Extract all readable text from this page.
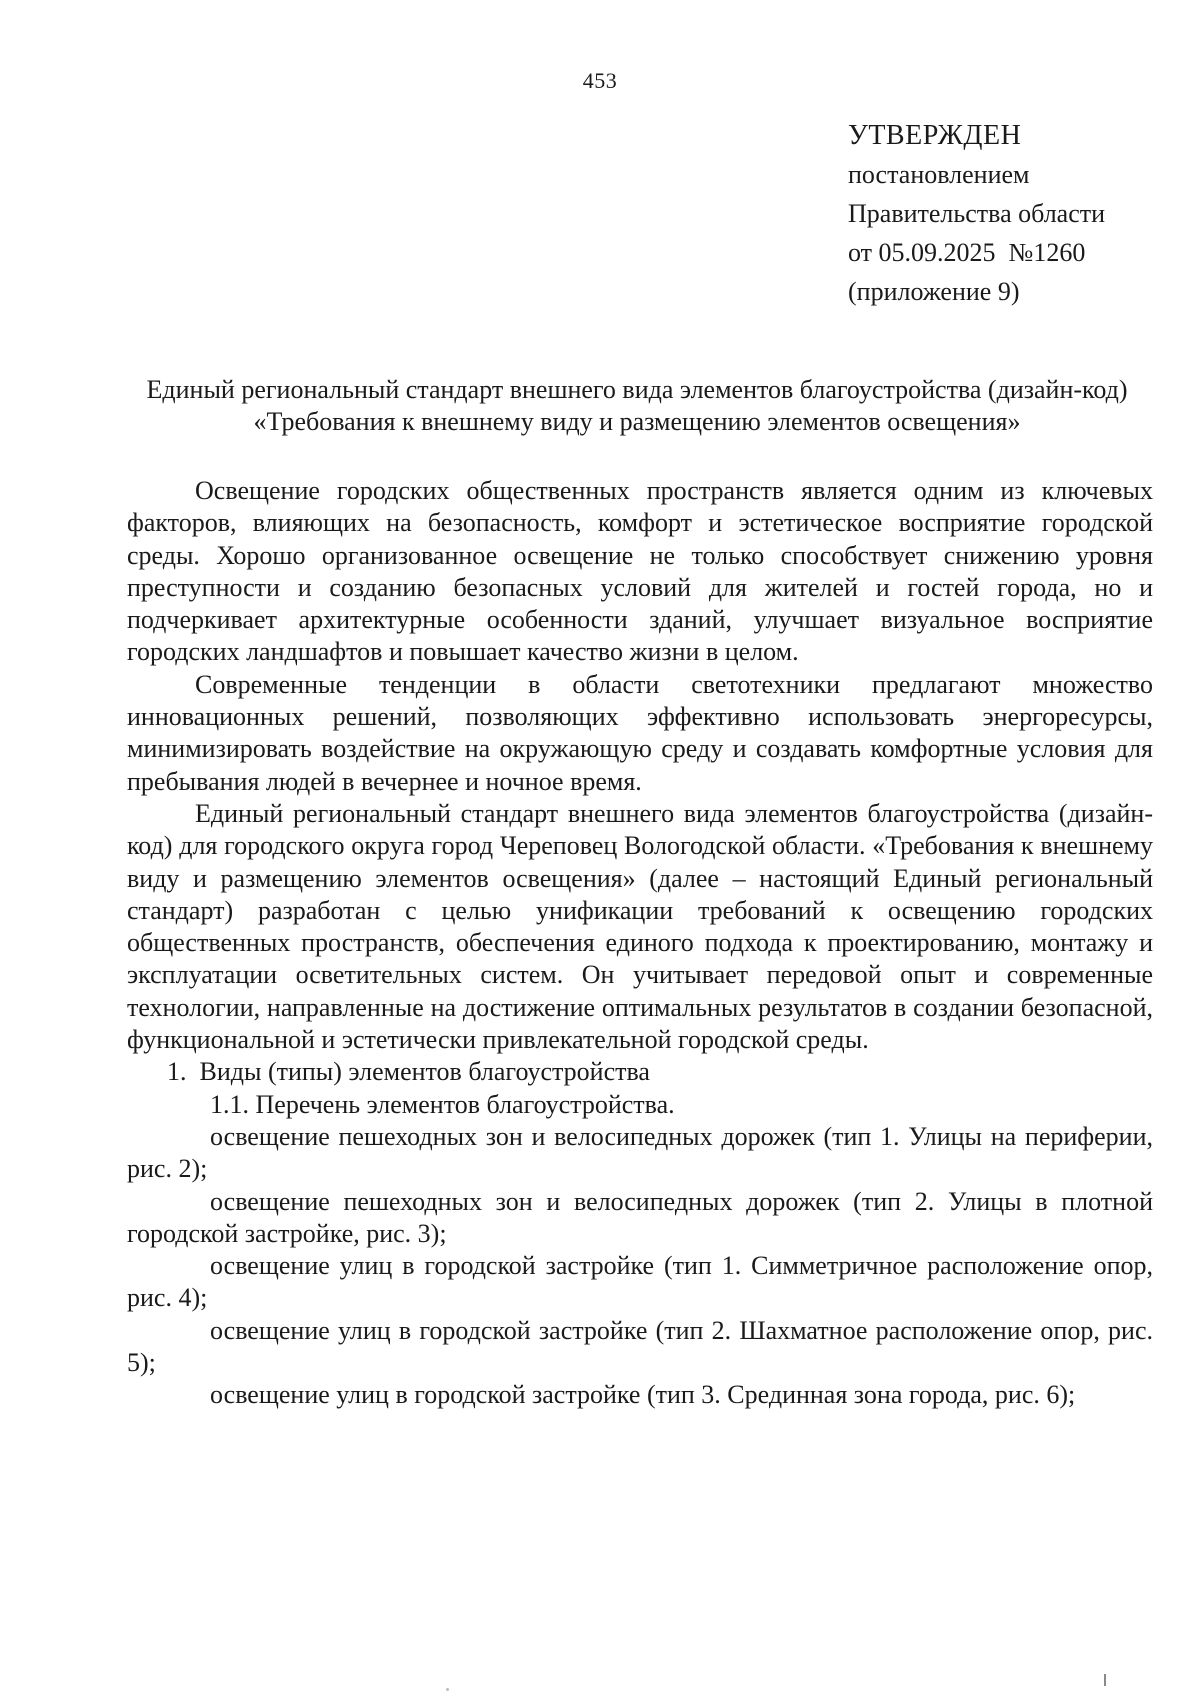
453
УТВЕРЖДЕН
постановлением
Правительства области
от 05.09.2025  №1260
(приложение 9)
Единый региональный стандарт внешнего вида элементов благоустройства (дизайн-код) «Требования к внешнему виду и размещению элементов освещения»

Освещение городских общественных пространств является одним из ключевых факторов, влияющих на безопасность, комфорт и эстетическое восприятие городской среды. Хорошо организованное освещение не только способствует снижению уровня преступности и созданию безопасных условий для жителей и гостей города, но и подчеркивает архитектурные особенности зданий, улучшает визуальное восприятие городских ландшафтов и повышает качество жизни в целом.

Современные тенденции в области светотехники предлагают множество инновационных решений, позволяющих эффективно использовать энергоресурсы, минимизировать воздействие на окружающую среду и создавать комфортные условия для пребывания людей в вечернее и ночное время.

Единый региональный стандарт внешнего вида элементов благоустройства (дизайн-код) для городского округа город Череповец Вологодской области. «Требования к внешнему виду и размещению элементов освещения» (далее – настоящий Единый региональный стандарт) разработан с целью унификации требований к освещению городских общественных пространств, обеспечения единого подхода к проектированию, монтажу и эксплуатации осветительных систем. Он учитывает передовой опыт и современные технологии, направленные на достижение оптимальных результатов в создании безопасной, функциональной и эстетически привлекательной городской среды.

1.  Виды (типы) элементов благоустройства

1.1. Перечень элементов благоустройства.

освещение пешеходных зон и велосипедных дорожек (тип 1. Улицы на периферии, рис. 2);

освещение пешеходных зон и велосипедных дорожек (тип 2. Улицы в плотной городской застройке, рис. 3);

освещение улиц в городской застройке (тип 1. Симметричное расположение опор, рис. 4);

освещение улиц в городской застройке (тип 2. Шахматное расположение опор, рис. 5);

освещение улиц в городской застройке (тип 3. Срединная зона города, рис. 6);
